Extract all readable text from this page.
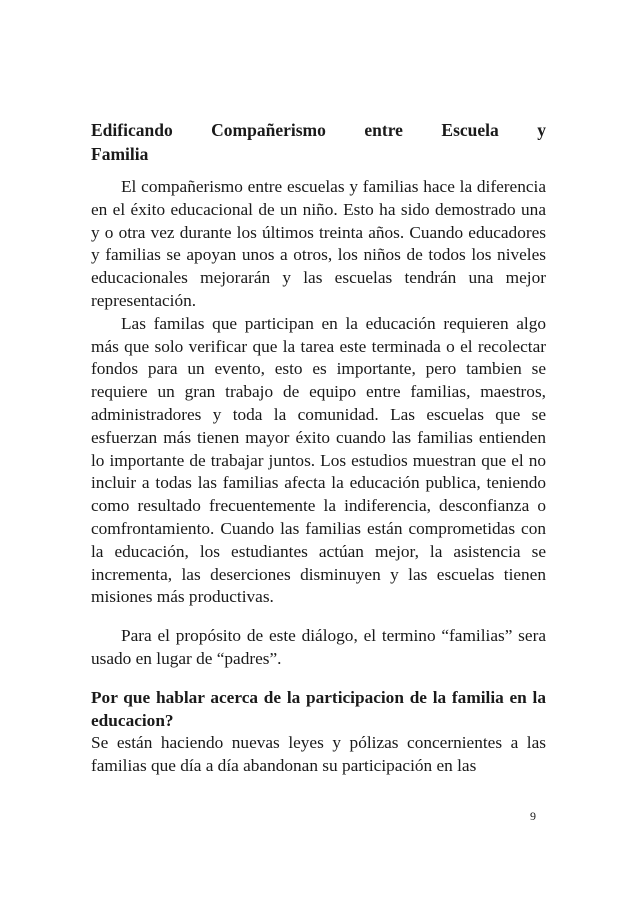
Edificando Compañerismo entre Escuela y
Familia

El compañerismo entre escuelas y familias hace la diferencia en el éxito educacional de un niño. Esto ha sido demostrado una y o otra vez durante los últimos treinta años. Cuando educadores y familias se apoyan unos a otros, los niños de todos los niveles educacionales mejorarán y las escuelas tendrán una mejor representación.

Las familas que participan en la educación requieren algo más que solo verificar que la tarea este terminada o el recolectar fondos para un evento, esto es importante, pero tambien se requiere un gran trabajo de equipo entre familias, maestros, administradores y toda la comunidad. Las escuelas que se esfuerzan más tienen mayor éxito cuando las familias entienden lo importante de trabajar juntos. Los estudios muestran que el no incluir a todas las familias afecta la educación publica, teniendo como resultado frecuentemente la indiferencia, desconfianza o comfrontamiento. Cuando las familias están comprometidas con la educación, los estudiantes actúan mejor, la asistencia se incrementa, las deserciones disminuyen y las escuelas tienen misiones más productivas.

Para el propósito de este diálogo, el termino “familias” sera usado en lugar de “padres”.

Por que hablar acerca de la participacion de la familia en la educacion?

Se están haciendo nuevas leyes y pólizas concernientes a las familias que día a día abandonan su participación en las

9
